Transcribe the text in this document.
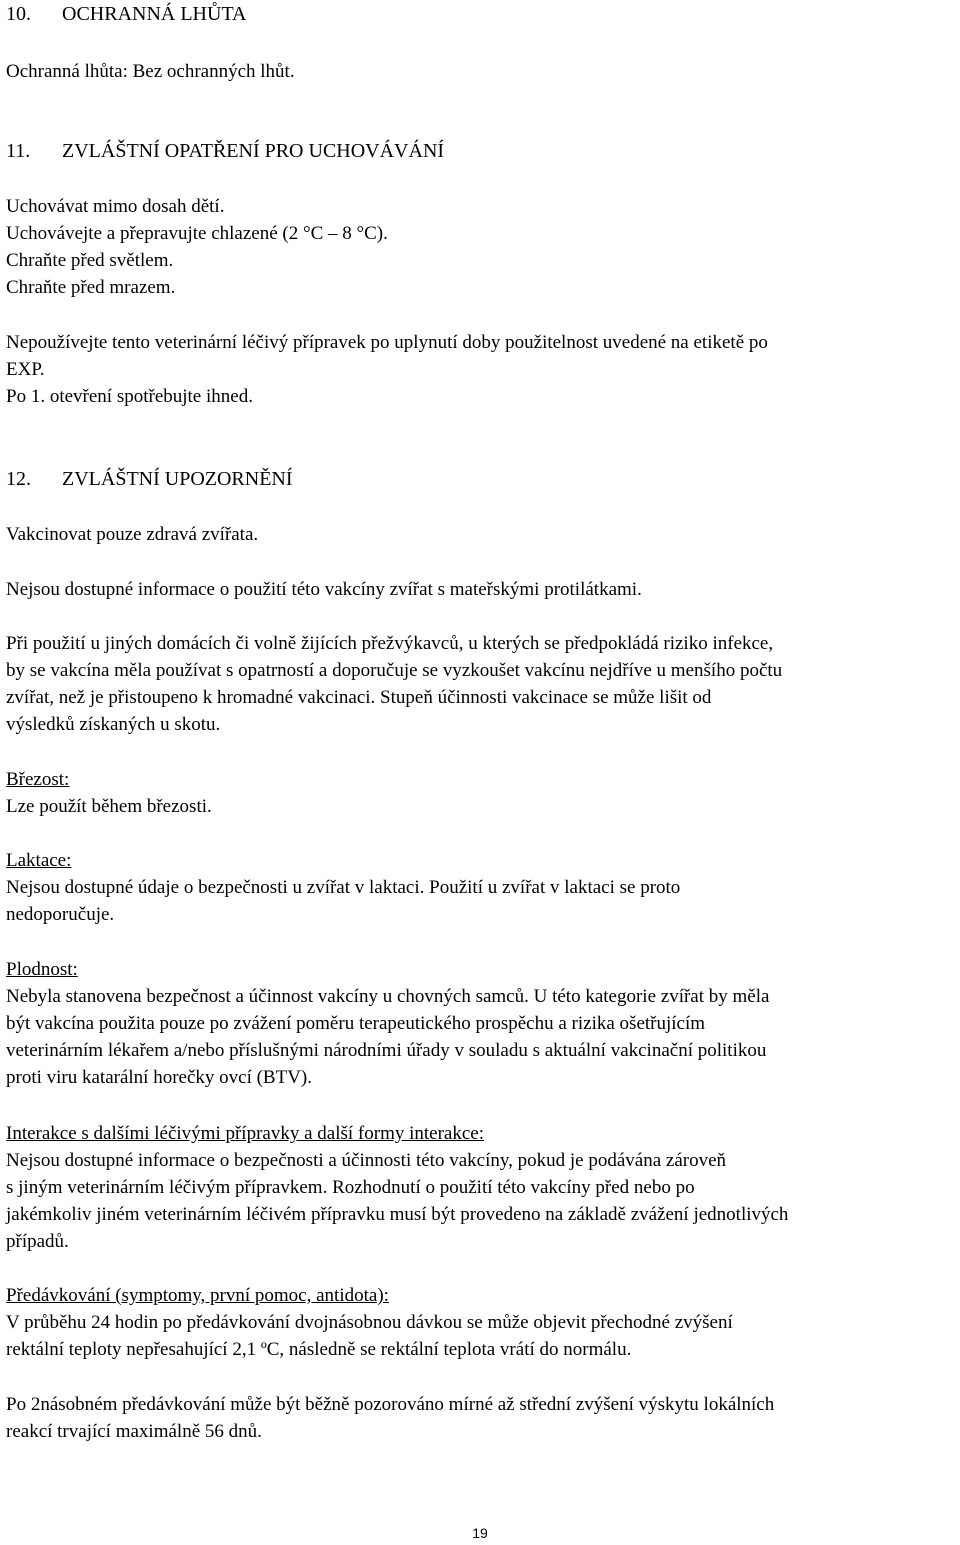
10. OCHRANNÁ LHŮTA

Ochranná lhůta: Bez ochranných lhůt.

11. ZVLÁŠTNÍ OPATŘENÍ PRO UCHOVÁVÁNÍ
Uchovávat mimo dosah dětí.
Uchovávejte a přepravujte chlazené (2 °C – 8 °C).
Chraňte před světlem.
Chraňte před mrazem.
Nepoužívejte tento veterinární léčivý přípravek po uplynutí doby použitelnost uvedené na etiketě po
EXP.
Po 1. otevření spotřebujte ihned.
12. ZVLÁŠTNÍ UPOZORNĚNÍ

Vakcinovat pouze zdravá zvířata.

Nejsou dostupné informace o použití této vakcíny zvířat s mateřskými protilátkami.

Při použití u jiných domácích či volně žijících přežvýkavců, u kterých se předpokládá riziko infekce,
by se vakcína měla používat s opatrností a doporučuje se vyzkoušet vakcínu nejdříve u menšího počtu
zvířat, než je přistoupeno k hromadné vakcinaci. Stupeň účinnosti vakcinace se může lišit od
výsledků získaných u skotu.
Březost:
Lze použít během březosti.
Laktace:
Nejsou dostupné údaje o bezpečnosti u zvířat v laktaci. Použití u zvířat v laktaci se proto
nedoporučuje.
Plodnost:
Nebyla stanovena bezpečnost a účinnost vakcíny u chovných samců. U této kategorie zvířat by měla
být vakcína použita pouze po zvážení poměru terapeutického prospěchu a rizika ošetřujícím
veterinárním lékařem a/nebo příslušnými národními úřady v souladu s aktuální vakcinační politikou
proti viru katarální horečky ovcí (BTV).
Interakce s dalšími léčivými přípravky a další formy interakce:
Nejsou dostupné informace o bezpečnosti a účinnosti této vakcíny, pokud je podávána zároveň
s jiným veterinárním léčivým přípravkem. Rozhodnutí o použití této vakcíny před nebo po
jakémkoliv jiném veterinárním léčivém přípravku musí být provedeno na základě zvážení jednotlivých
případů.
Předávkování (symptomy, první pomoc, antidota):
V průběhu 24 hodin po předávkování dvojnásobnou dávkou se může objevit přechodné zvýšení
rektální teploty nepřesahující 2,1 ºC, následně se rektální teplota vrátí do normálu.
Po 2násobném předávkování může být běžně pozorováno mírné až střední zvýšení výskytu lokálních
reakcí trvající maximálně 56 dnů.
19
